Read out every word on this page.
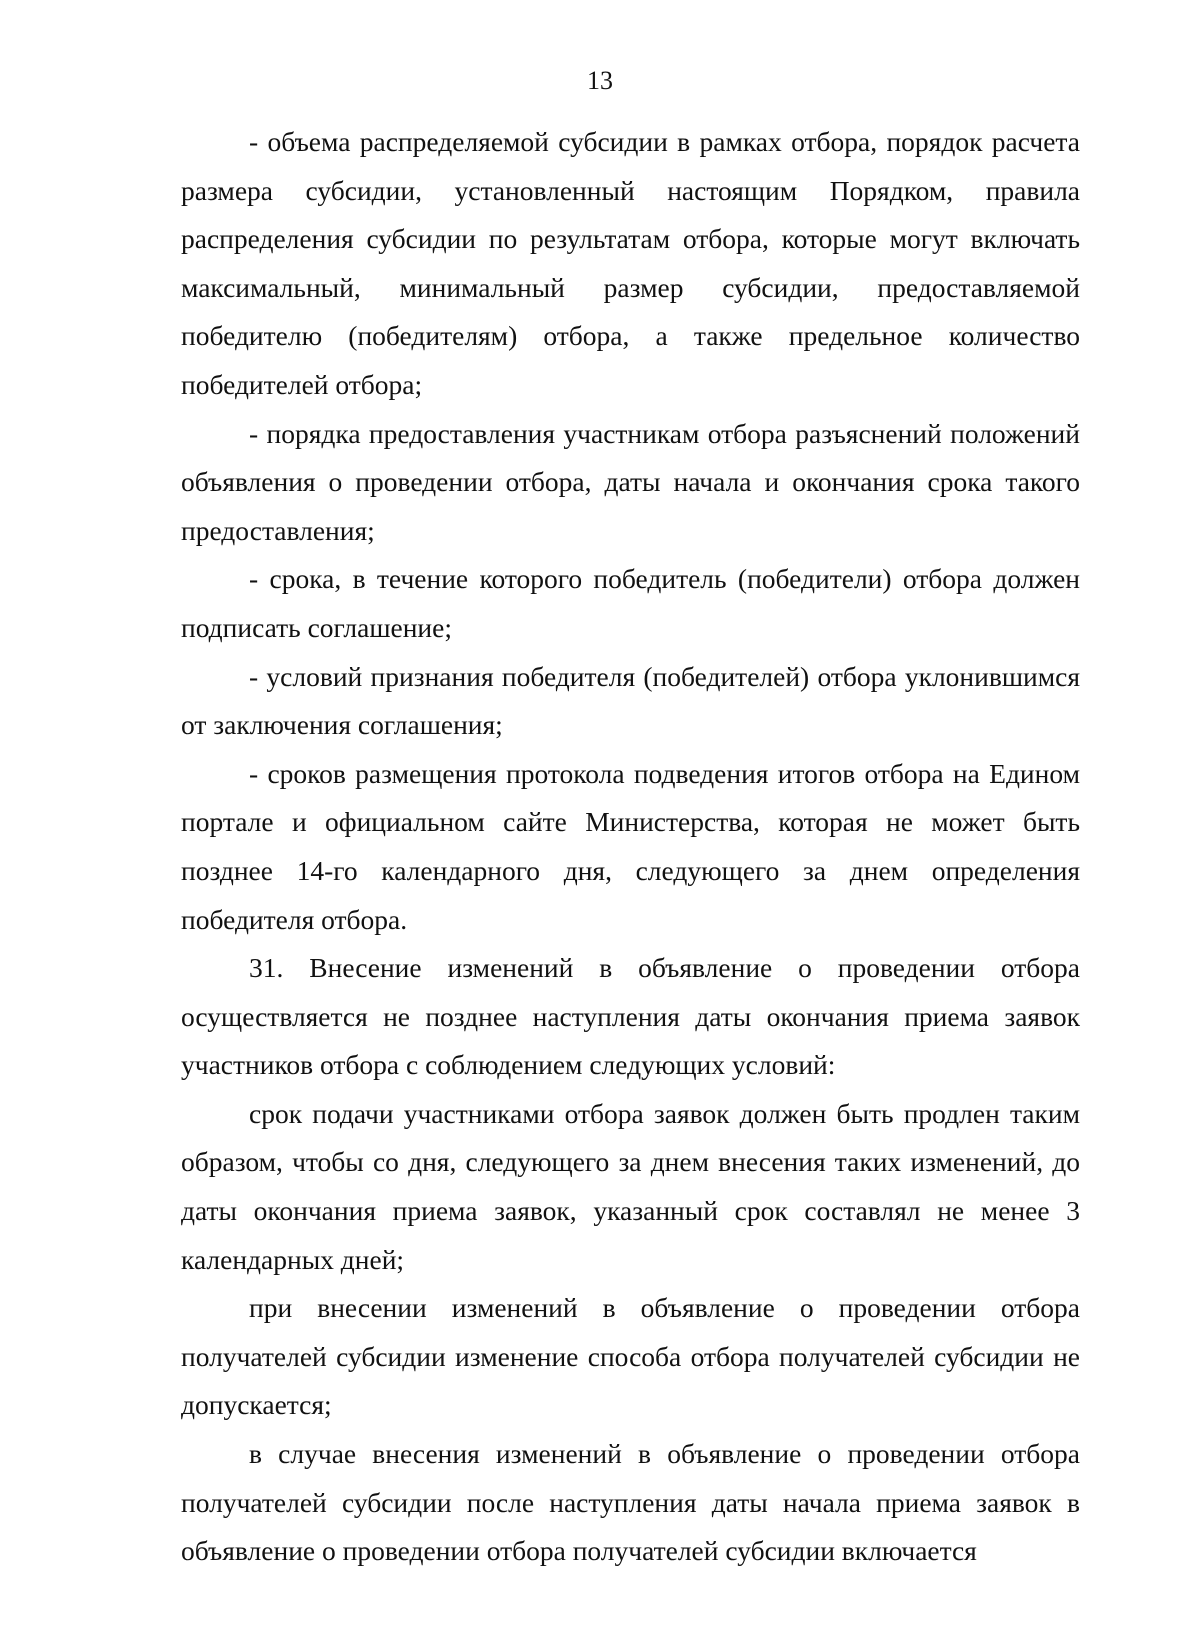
13

- объема распределяемой субсидии в рамках отбора, порядок расчета размера субсидии, установленный настоящим Порядком, правила распределения субсидии по результатам отбора, которые могут включать максимальный, минимальный размер субсидии, предоставляемой победителю (победителям) отбора, а также предельное количество победителей отбора;

- порядка предоставления участникам отбора разъяснений положений объявления о проведении отбора, даты начала и окончания срока такого предоставления;

- срока, в течение которого победитель (победители) отбора должен подписать соглашение;

- условий признания победителя (победителей) отбора уклонившимся от заключения соглашения;

- сроков размещения протокола подведения итогов отбора на Едином портале и официальном сайте Министерства, которая не может быть позднее 14-го календарного дня, следующего за днем определения победителя отбора.

31. Внесение изменений в объявление о проведении отбора осуществляется не позднее наступления даты окончания приема заявок участников отбора с соблюдением следующих условий:

срок подачи участниками отбора заявок должен быть продлен таким образом, чтобы со дня, следующего за днем внесения таких изменений, до даты окончания приема заявок, указанный срок составлял не менее 3 календарных дней;

при внесении изменений в объявление о проведении отбора получателей субсидии изменение способа отбора получателей субсидии не допускается;

в случае внесения изменений в объявление о проведении отбора получателей субсидии после наступления даты начала приема заявок в объявление о проведении отбора получателей субсидии включается
